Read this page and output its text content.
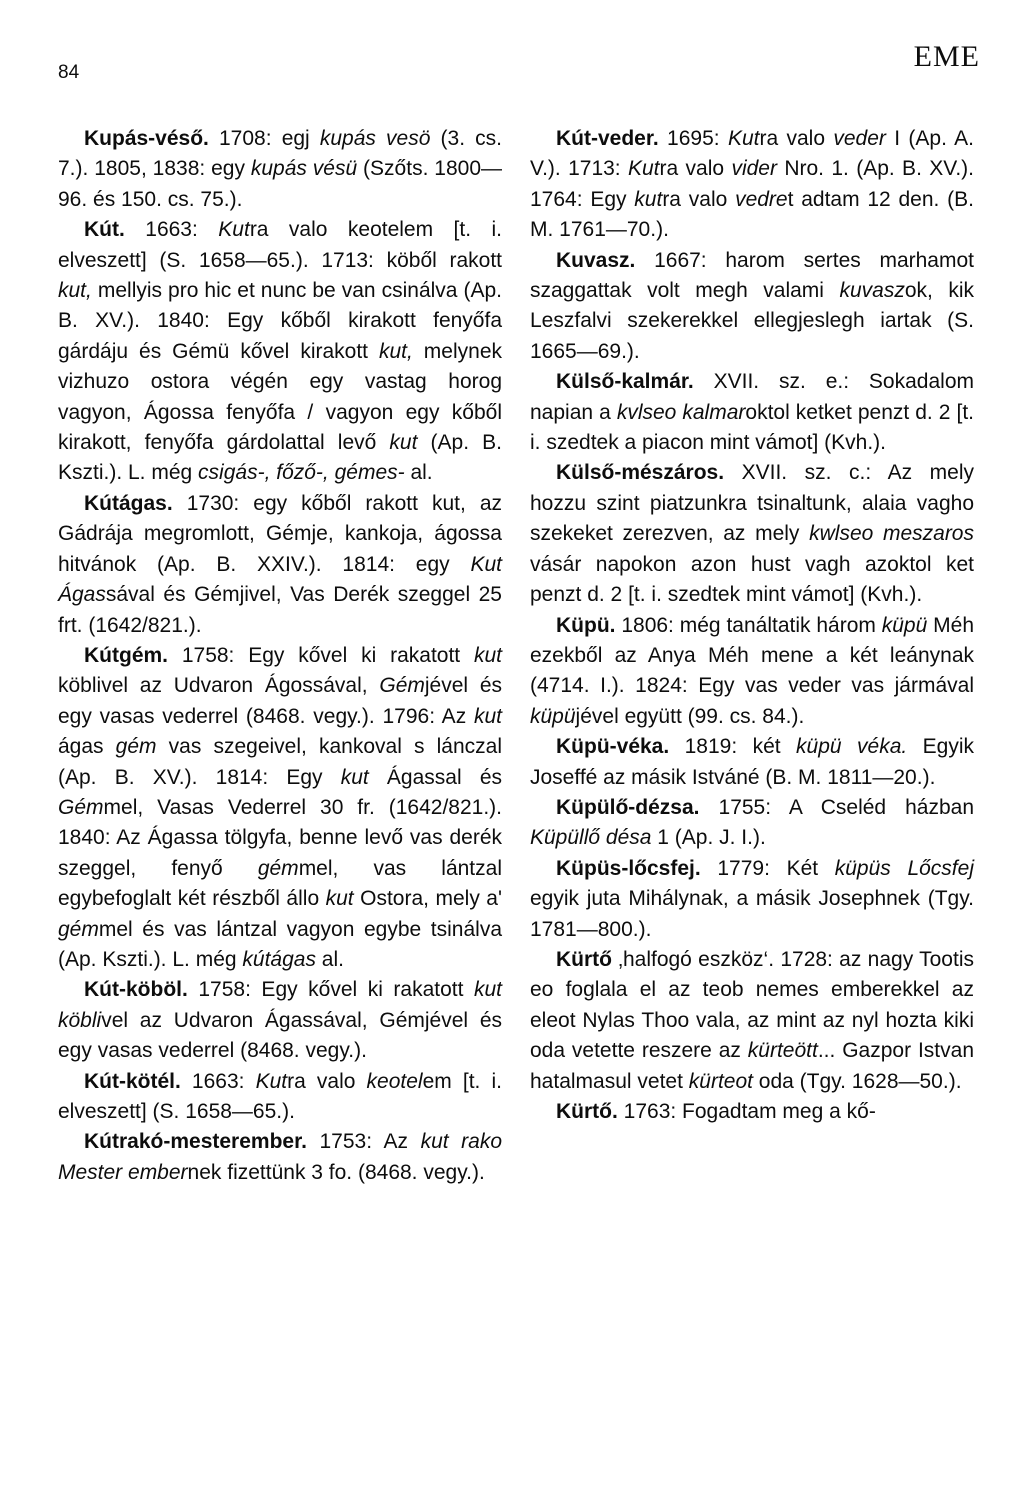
84	EME

Kupás-véső. 1708: egj kupás vesö (3. cs. 7.). 1805, 1838: egy kupás vésü (Szőts. 1800—96. és 150. cs. 75.).

Kút. 1663: Kutra valo keotelem [t. i. elveszett] (S. 1658—65.). 1713: köből rakott kut, mellyis pro hic et nunc be van csinálva (Ap. B. XV.). 1840: Egy kőből kirakott fenyőfa gárdáju és Gémü kővel kirakott kut, melynek vizhuzo ostora végén egy vastag horog vagyon, Ágossa fenyőfa / vagyon egy kőből kirakott, fenyőfa gárdolattal levő kut (Ap. B. Kszti.). L. még csigás-, főző-, gémes- al.

Kútágas. 1730: egy kőből rakott kut, az Gádrája megromlott, Gémje, kankoja, ágossa hitvánok (Ap. B. XXIV.). 1814: egy Kut Ágassával és Gémjivel, Vas Derék szeggel 25 frt. (1642/821.).

Kútgém. 1758: Egy kővel ki rakatott kut köblivel az Udvaron Ágossával, Gémjével és egy vasas vederrel (8468. vegy.). 1796: Az kut ágas gém vas szegeivel, kankoval s lánczal (Ap. B. XV.). 1814: Egy kut Ágassal és Gémmel, Vasas Vederrel 30 fr. (1642/821.). 1840: Az Ágassa tölgyfa, benne levő vas derék szeggel, fenyő gémmel, vas lántzal egybefoglalt két részből állo kut Ostora, mely a' gémmel és vas lántzal vagyon egybe tsinálva (Ap. Kszti.). L. még kútágas al.

Kút-köböl. 1758: Egy kővel ki rakatott kut köblivel az Udvaron Ágassával, Gémjével és egy vasas vederrel (8468. vegy.).

Kút-kötél. 1663: Kutra valo keotelem [t. i. elveszett] (S. 1658—65.).

Kútrakó-mesterember. 1753: Az kut rako Mester embernek fizettünk 3 fo. (8468. vegy.).

Kút-veder. 1695: Kutra valo veder I (Ap. A. V.). 1713: Kutra valo vider Nro. 1. (Ap. B. XV.). 1764: Egy kutra valo vedret adtam 12 den. (B. M. 1761—70.).

Kuvasz. 1667: harom sertes marhamot szaggattak volt megh valami kuvaszok, kik Leszfalvi szekerekkel ellegjeslegh iartak (S. 1665—69.).

Külső-kalmár. XVII. sz. e.: Sokadalom napian a kvlseo kalmaroktol ketket penzt d. 2 [t. i. szedtek a piacon mint vámot] (Kvh.).

Külső-mészáros. XVII. sz. c.: Az mely hozzu szint piatzunkra tsinaltunk, alaia vagho szekeket zerezven, az mely kwlseo meszaros vásár napokon azon hust vagh azoktol ket penzt d. 2 [t. i. szedtek mint vámot] (Kvh.).

Küpü. 1806: még tanáltatik három küpü Méh ezekből az Anya Méh mene a két leánynak (4714. I.). 1824: Egy vas veder vas jármával küpüjével együtt (99. cs. 84.).

Küpü-véka. 1819: két küpü véka. Egyik Joseffé az másik Istváné (B. M. 1811—20.).

Küpülő-dézsa. 1755: A Cseléd házban Küpüllő désa 1 (Ap. J. I.).

Küpüs-lőcsfej. 1779: Két küpüs Lőcsfej egyik juta Mihálynak, a másik Josephnek (Tgy. 1781—800.).

Kürtő ‚halfogó eszköz‘. 1728: az nagy Tootis eo foglala el az teob nemes emberekkel az eleot Nylas Thoo vala, az mint az nyl hozta kiki oda vetette reszere az kürteött... Gazpor Istvan hatalmasul vetet kürteot oda (Tgy. 1628—50.).

Kürtő. 1763: Fogadtam meg a kő-
